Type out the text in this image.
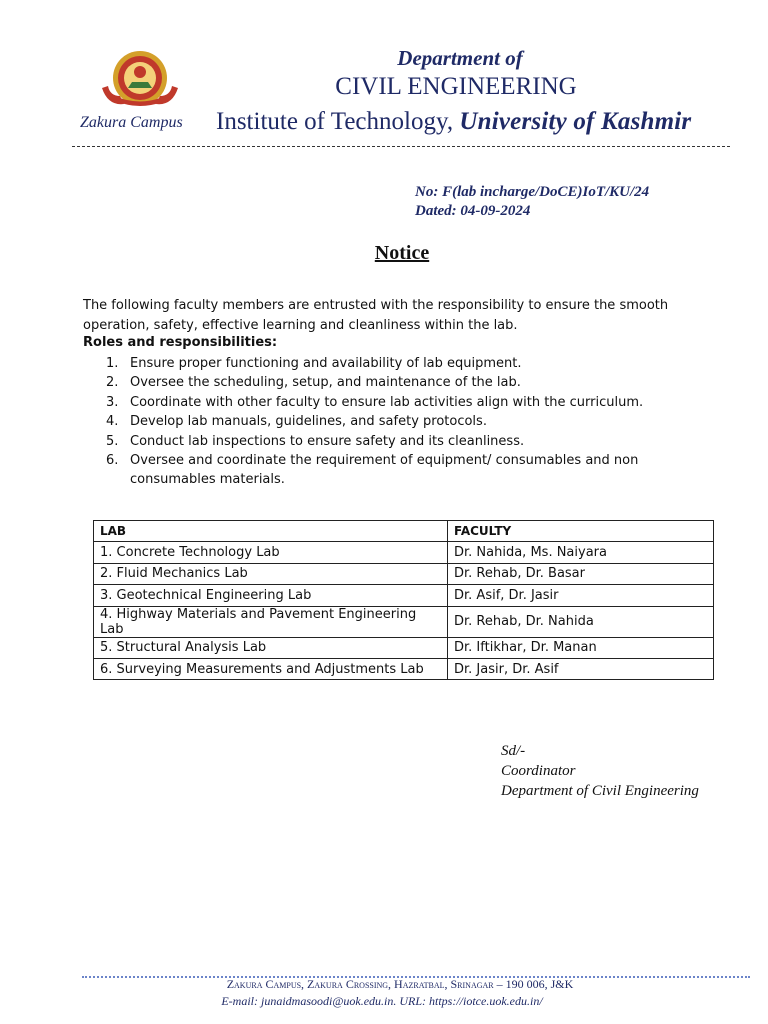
Zakura Campus
Department of
CIVIL ENGINEERING
Institute of Technology, University of Kashmir
No: F(lab incharge/DoCE)IoT/KU/24
Dated: 04-09-2024
Notice
The following faculty members are entrusted with the responsibility to ensure the smooth operation, safety, effective learning and cleanliness within the lab.
Roles and responsibilities:
1. Ensure proper functioning and availability of lab equipment.
2. Oversee the scheduling, setup, and maintenance of the lab.
3. Coordinate with other faculty to ensure lab activities align with the curriculum.
4. Develop lab manuals, guidelines, and safety protocols.
5. Conduct lab inspections to ensure safety and its cleanliness.
6. Oversee and coordinate the requirement of equipment/ consumables and non consumables materials.
LAB	FACULTY
1. Concrete Technology Lab	Dr. Nahida, Ms. Naiyara
2. Fluid Mechanics Lab	Dr. Rehab, Dr. Basar
3. Geotechnical Engineering Lab	Dr. Asif, Dr. Jasir
4. Highway Materials and Pavement Engineering Lab	Dr. Rehab, Dr. Nahida
5. Structural Analysis Lab	Dr. Iftikhar, Dr. Manan
6. Surveying Measurements and Adjustments Lab	Dr. Jasir, Dr. Asif
Sd/-
Coordinator
Department of Civil Engineering
Zakura Campus, Zakura Crossing, Hazratbal, Srinagar – 190 006, J&K
E-mail: junaidmasoodi@uok.edu.in. URL: https://iotce.uok.edu.in/
